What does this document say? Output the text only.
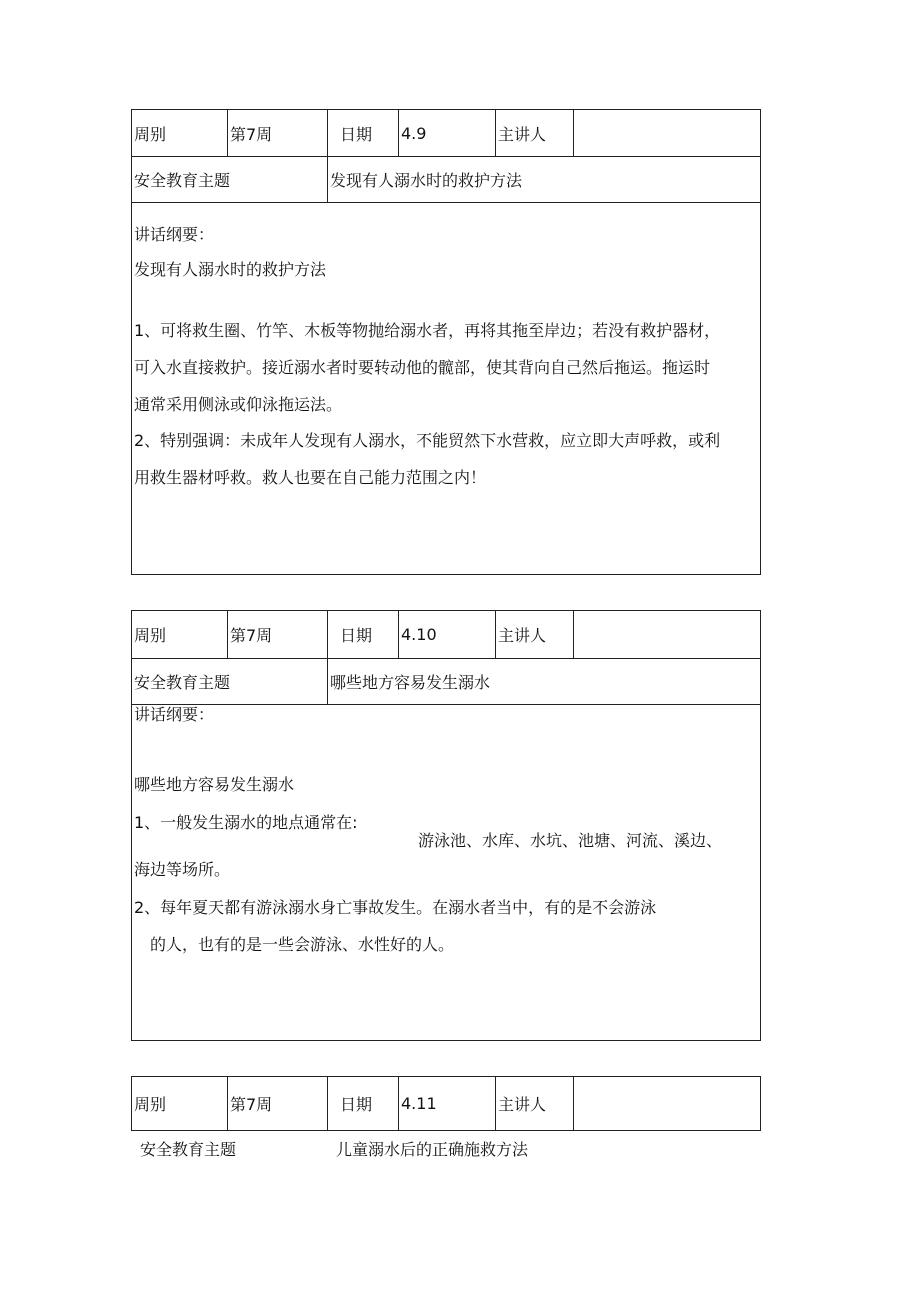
周别	第7周	日期	4.9	主讲人
安全教育主题	发现有人溺水时的救护方法
讲话纲要：
发现有人溺水时的救护方法
1、可将救生圈、竹竿、木板等物抛给溺水者，再将其拖至岸边；若没有救护器材，
可入水直接救护。接近溺水者时要转动他的髋部，使其背向自己然后拖运。拖运时
通常采用侧泳或仰泳拖运法。
2、特别强调：未成年人发现有人溺水，不能贸然下水营救，应立即大声呼救，或利
用救生器材呼救。救人也要在自己能力范围之内！
周别	第7周	日期	4.10	主讲人
安全教育主题	哪些地方容易发生溺水
讲话纲要：
哪些地方容易发生溺水
1、一般发生溺水的地点通常在:
游泳池、水库、水坑、池塘、河流、溪边、
海边等场所。
2、每年夏天都有游泳溺水身亡事故发生。在溺水者当中，有的是不会游泳
的人，也有的是一些会游泳、水性好的人。
周别	第7周	日期	4.11	主讲人
安全教育主题	儿童溺水后的正确施救方法
